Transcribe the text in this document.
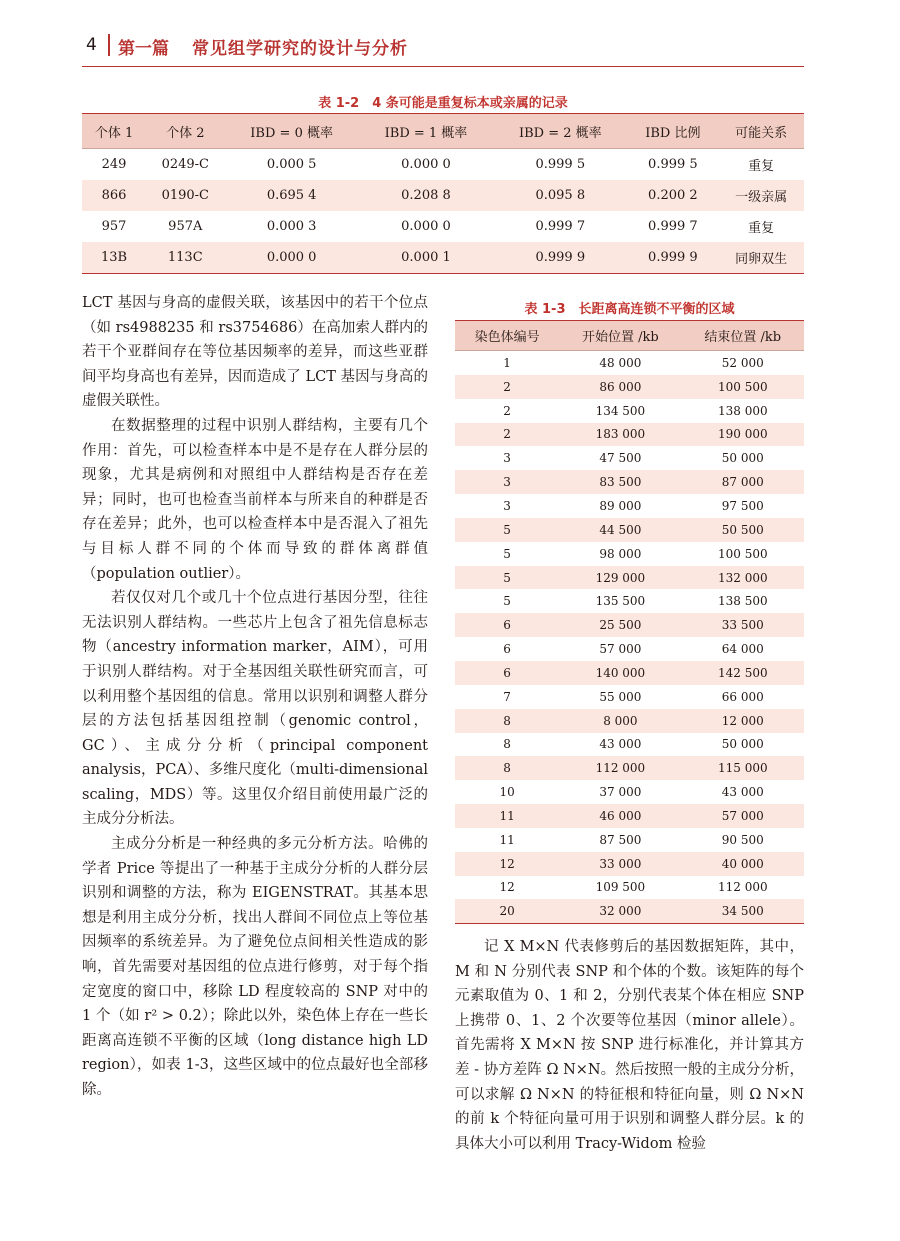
4 第一篇 常见组学研究的设计与分析
表 1-2　4 条可能是重复标本或亲属的记录
个体 1	个体 2	IBD = 0 概率	IBD = 1 概率	IBD = 2 概率	IBD 比例	可能关系
249	0249-C	0.000 5	0.000 0	0.999 5	0.999 5	重复
866	0190-C	0.695 4	0.208 8	0.095 8	0.200 2	一级亲属
957	957A	0.000 3	0.000 0	0.999 7	0.999 7	重复
13B	113C	0.000 0	0.000 1	0.999 9	0.999 9	同卵双生
表 1-3　长距离高连锁不平衡的区域
染色体编号	开始位置 /kb	结束位置 /kb
1	48 000	52 000
2	86 000	100 500
2	134 500	138 000
2	183 000	190 000
3	47 500	50 000
3	83 500	87 000
3	89 000	97 500
5	44 500	50 500
5	98 000	100 500
5	129 000	132 000
5	135 500	138 500
6	25 500	33 500
6	57 000	64 000
6	140 000	142 500
7	55 000	66 000
8	8 000	12 000
8	43 000	50 000
8	112 000	115 000
10	37 000	43 000
11	46 000	57 000
11	87 500	90 500
12	33 000	40 000
12	109 500	112 000
20	32 000	34 500

LCT 基因与身高的虚假关联，该基因中的若干个位点（如 rs4988235 和 rs3754686）在高加索人群内的若干个亚群间存在等位基因频率的差异，而这些亚群间平均身高也有差异，因而造成了 LCT 基因与身高的虚假关联性。

在数据整理的过程中识别人群结构，主要有几个作用：首先，可以检查样本中是不是存在人群分层的现象，尤其是病例和对照组中人群结构是否存在差异；同时，也可也检查当前样本与所来自的种群是否存在差异；此外，也可以检查样本中是否混入了祖先与目标人群不同的个体而导致的群体离群值（population outlier）。

若仅仅对几个或几十个位点进行基因分型，往往无法识别人群结构。一些芯片上包含了祖先信息标志物（ancestry information marker，AIM），可用于识别人群结构。对于全基因组关联性研究而言，可以利用整个基因组的信息。常用以识别和调整人群分层的方法包括基因组控制（genomic control，GC）、主成分分析（principal component analysis，PCA）、多维尺度化（multi-dimensional scaling，MDS）等。这里仅介绍目前使用最广泛的主成分分析法。

主成分分析是一种经典的多元分析方法。哈佛的学者 Price 等提出了一种基于主成分分析的人群分层识别和调整的方法，称为 EIGENSTRAT。其基本思想是利用主成分分析，找出人群间不同位点上等位基因频率的系统差异。为了避免位点间相关性造成的影响，首先需要对基因组的位点进行修剪，对于每个指定宽度的窗口中，移除 LD 程度较高的 SNP 对中的 1 个（如 r² > 0.2）；除此以外，染色体上存在一些长距离高连锁不平衡的区域（long distance high LD region），如表 1-3，这些区域中的位点最好也全部移除。

记 X M×N 代表修剪后的基因数据矩阵，其中，M 和 N 分别代表 SNP 和个体的个数。该矩阵的每个元素取值为 0、1 和 2，分别代表某个体在相应 SNP 上携带 0、1、2 个次要等位基因（minor allele）。首先需将 X M×N 按 SNP 进行标准化，并计算其方差 - 协方差阵 Ω N×N。然后按照一般的主成分分析，可以求解 Ω N×N 的特征根和特征向量，则 Ω N×N 的前 k 个特征向量可用于识别和调整人群分层。k 的具体大小可以利用 Tracy-Widom 检验
